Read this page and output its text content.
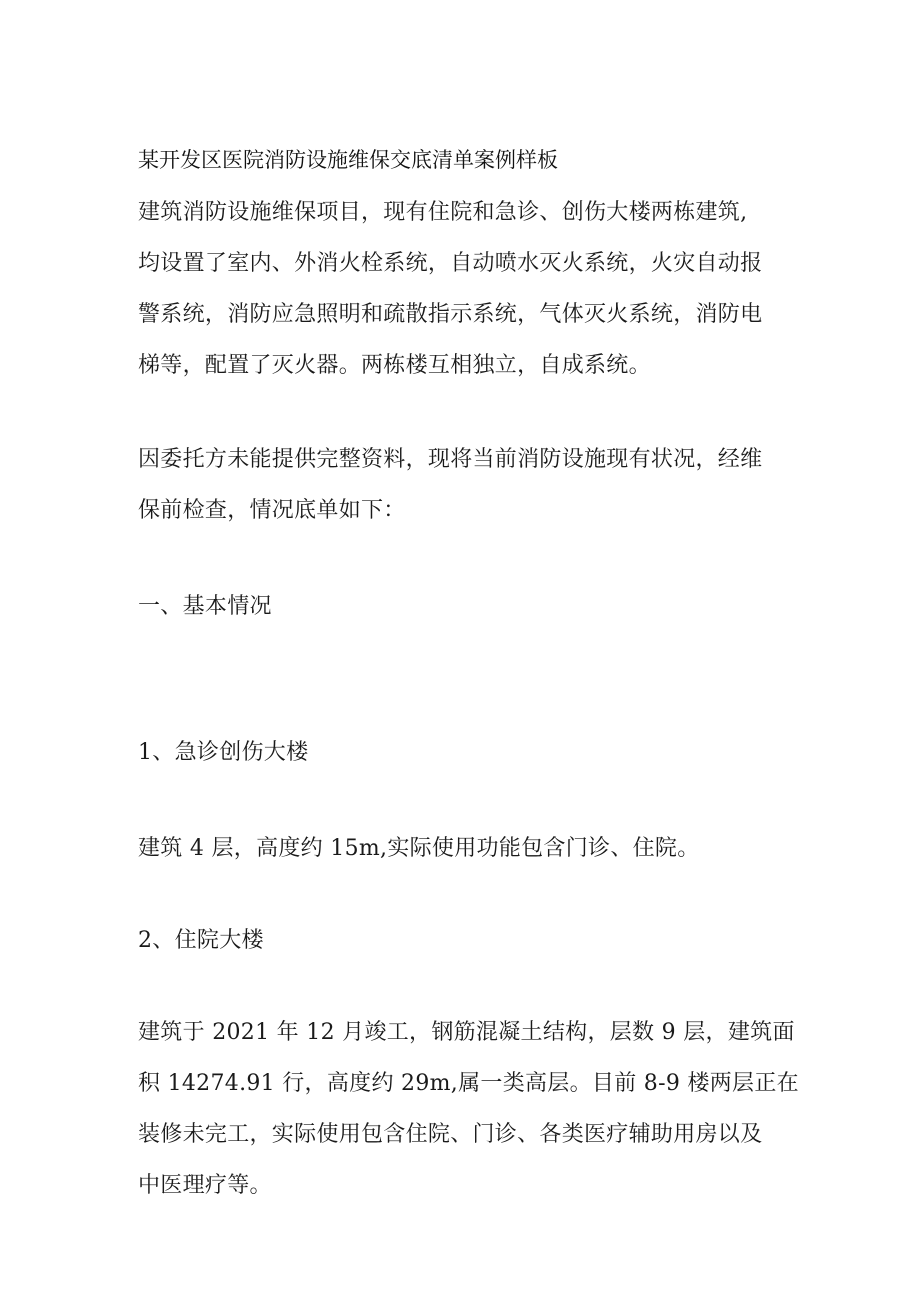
某开发区医院消防设施维保交底清单案例样板

建筑消防设施维保项目，现有住院和急诊、创伤大楼两栋建筑,
均设置了室内、外消火栓系统，自动喷水灭火系统，火灾自动报
警系统，消防应急照明和疏散指示系统，气体灭火系统，消防电
梯等，配置了灭火器。两栋楼互相独立，自成系统。

因委托方未能提供完整资料，现将当前消防设施现有状况，经维
保前检查，情况底单如下：

一、基本情况

1、急诊创伤大楼

建筑 4 层，高度约 15m,实际使用功能包含门诊、住院。

2、住院大楼

建筑于 2021 年 12 月竣工，钢筋混凝土结构，层数 9 层，建筑面
积 14274.91 行，高度约 29m,属一类高层。目前 8-9 楼两层正在
装修未完工，实际使用包含住院、门诊、各类医疗辅助用房以及
中医理疗等。
